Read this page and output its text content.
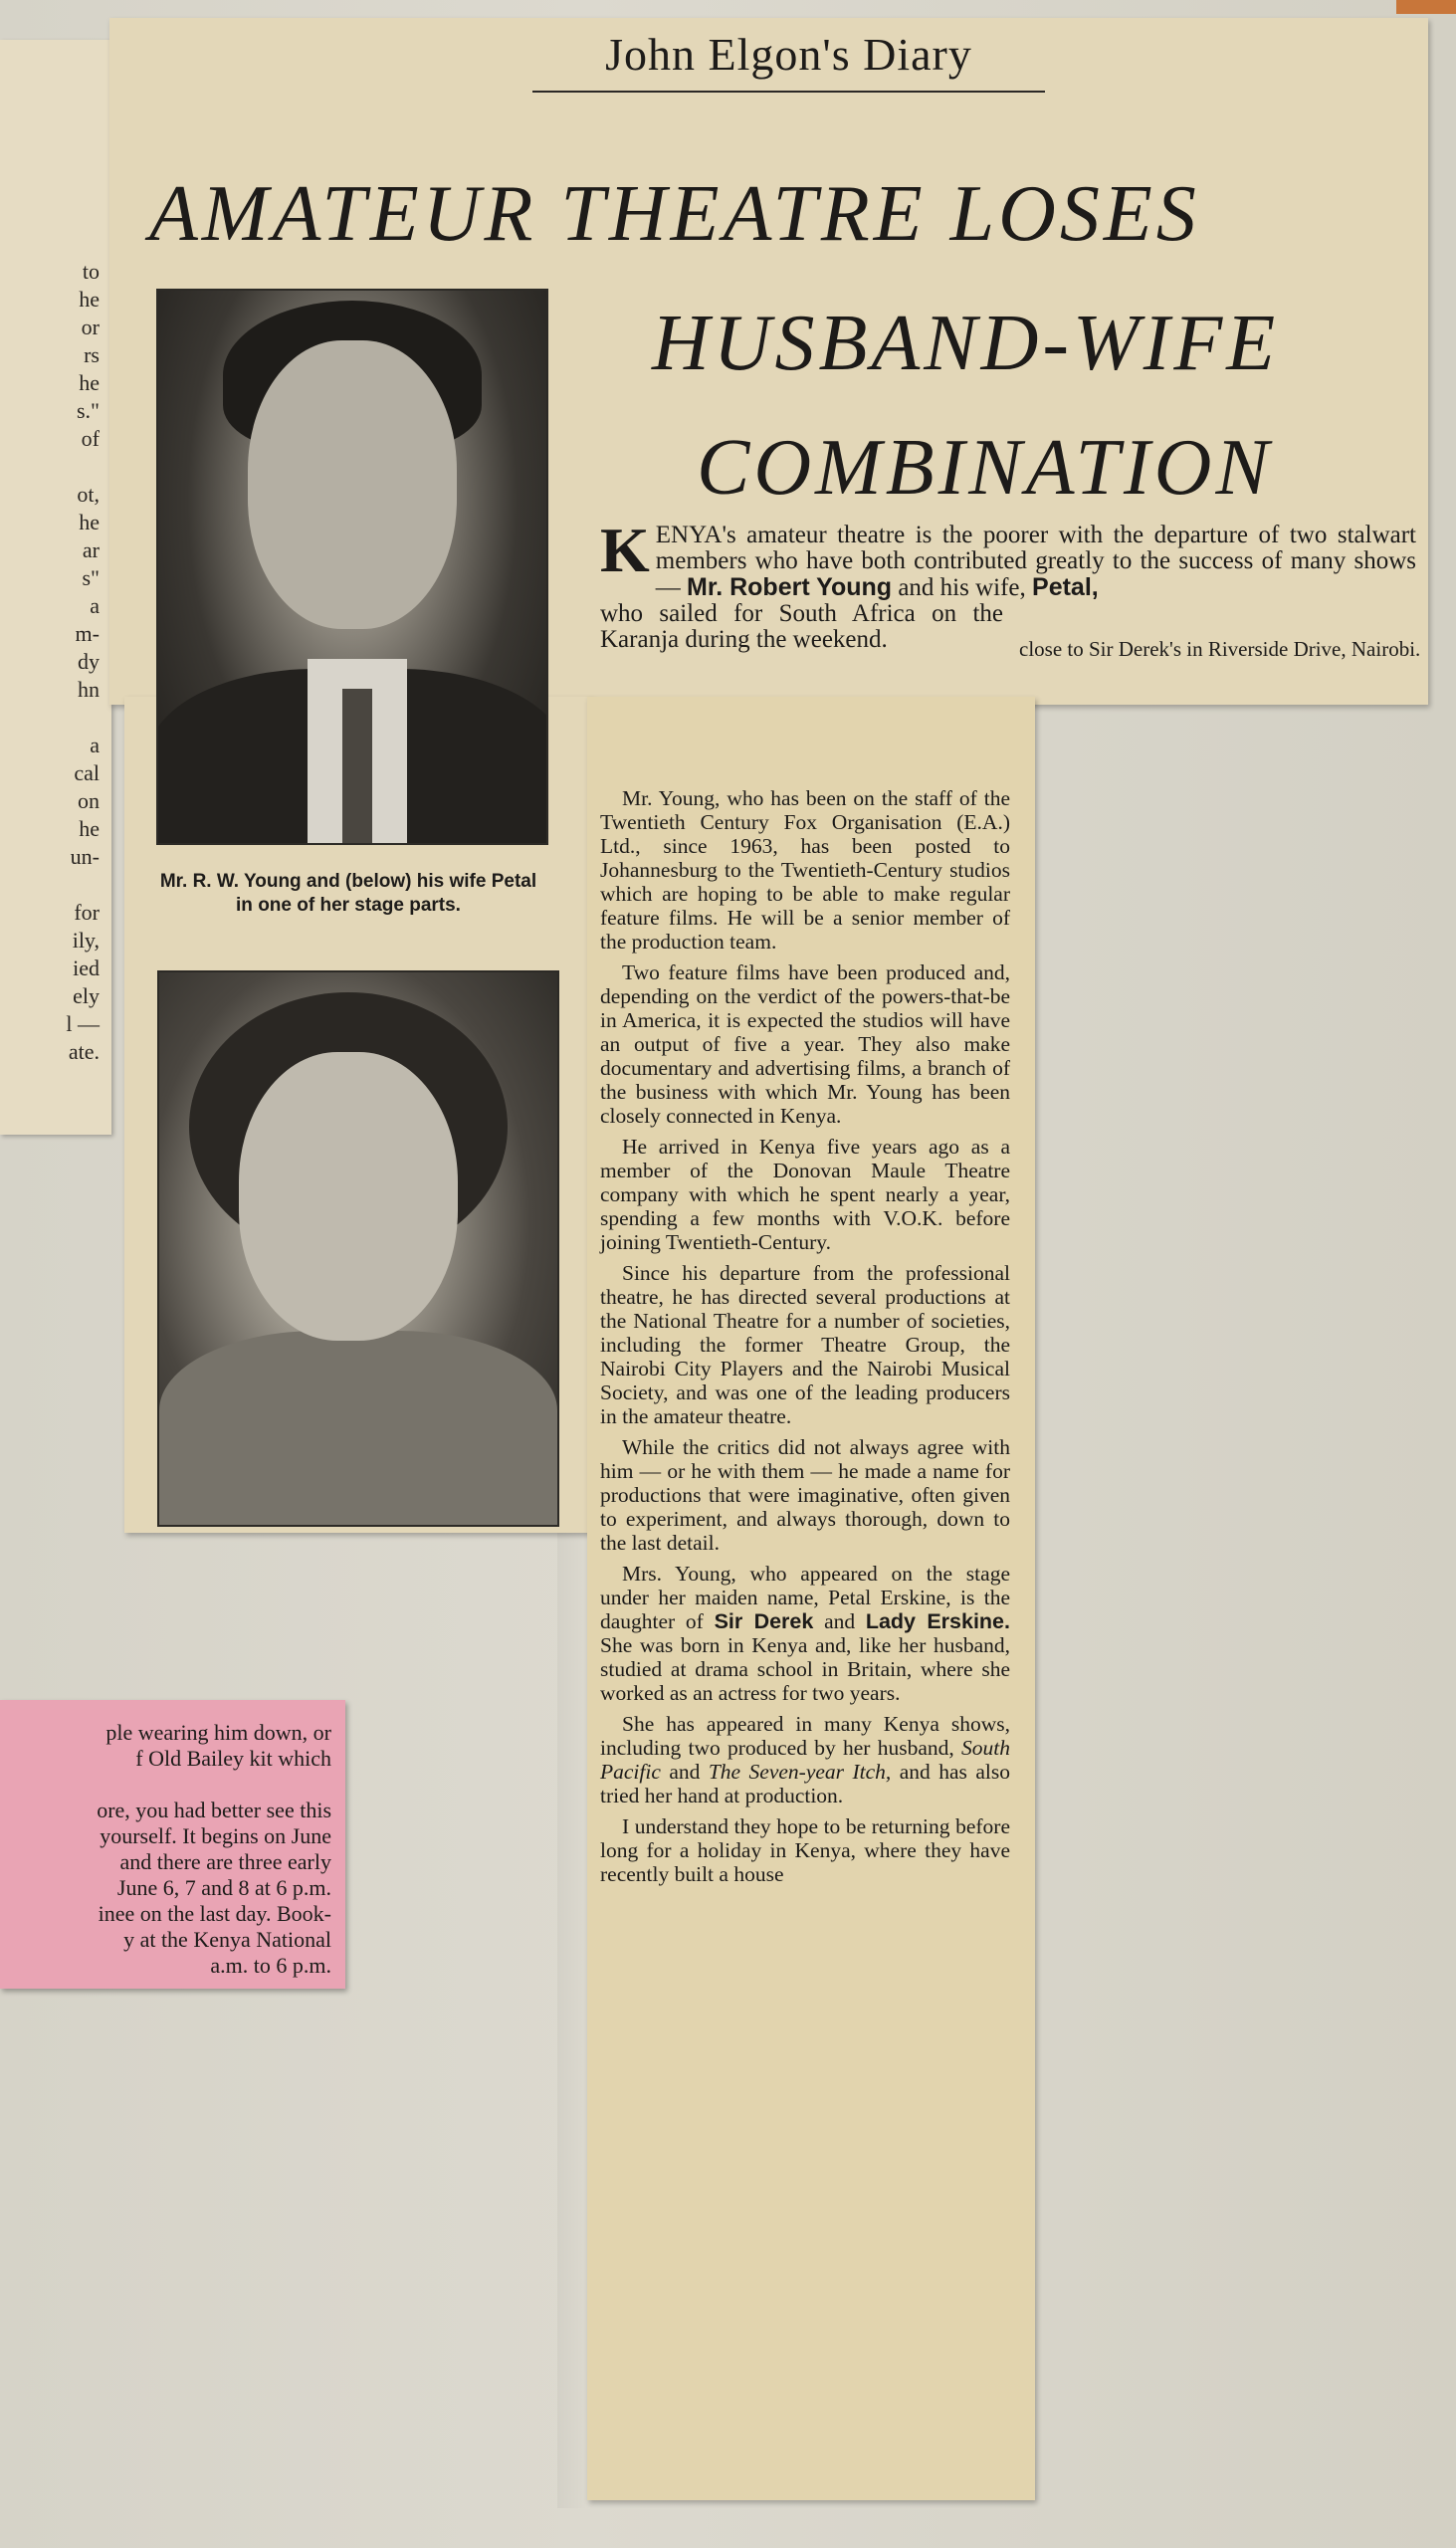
to
he
or
rs
he
s."
of
ot,
he
ar
s"
a
m-
dy
hn
a
cal
on
he
un-
for
ily,
ied
ely
l —
ate.
John Elgon's Diary
AMATEUR THEATRE LOSES
HUSBAND-WIFE
COMBINATION
Mr. R. W. Young and (below) his wife Petal in one of her stage parts.
K ENYA's amateur theatre is the poorer with the departure of two stalwart members who have both contributed greatly to the success of many shows — Mr. Robert Young and his wife, Petal,
who sailed for South Africa on the Karanja during the weekend.	close to Sir Derek's in Riverside Drive, Nairobi.

Mr. Young, who has been on the staff of the Twentieth Century Fox Organisation (E.A.) Ltd., since 1963, has been posted to Johannesburg to the Twentieth-Century studios which are hoping to be able to make regular feature films. He will be a senior member of the production team.

Two feature films have been produced and, depending on the verdict of the powers-that-be in America, it is expected the studios will have an output of five a year. They also make documentary and advertising films, a branch of the business with which Mr. Young has been closely connected in Kenya.

He arrived in Kenya five years ago as a member of the Donovan Maule Theatre company with which he spent nearly a year, spending a few months with V.O.K. before joining Twentieth-Century.

Since his departure from the professional theatre, he has directed several productions at the National Theatre for a number of societies, including the former Theatre Group, the Nairobi City Players and the Nairobi Musical Society, and was one of the leading producers in the amateur theatre.

While the critics did not always agree with him — or he with them — he made a name for productions that were imaginative, often given to experiment, and always thorough, down to the last detail.

Mrs. Young, who appeared on the stage under her maiden name, Petal Erskine, is the daughter of Sir Derek and Lady Erskine. She was born in Kenya and, like her husband, studied at drama school in Britain, where she worked as an actress for two years.

She has appeared in many Kenya shows, including two produced by her husband, South Pacific and The Seven-year Itch, and has also tried her hand at production.

I understand they hope to be returning before long for a holiday in Kenya, where they have recently built a house

ple wearing him down, or

f Old Bailey kit which

ore, you had better see this

yourself. It begins on June

and there are three early

June 6, 7 and 8 at 6 p.m.

inee on the last day. Book-

y at the Kenya National

a.m. to 6 p.m.
